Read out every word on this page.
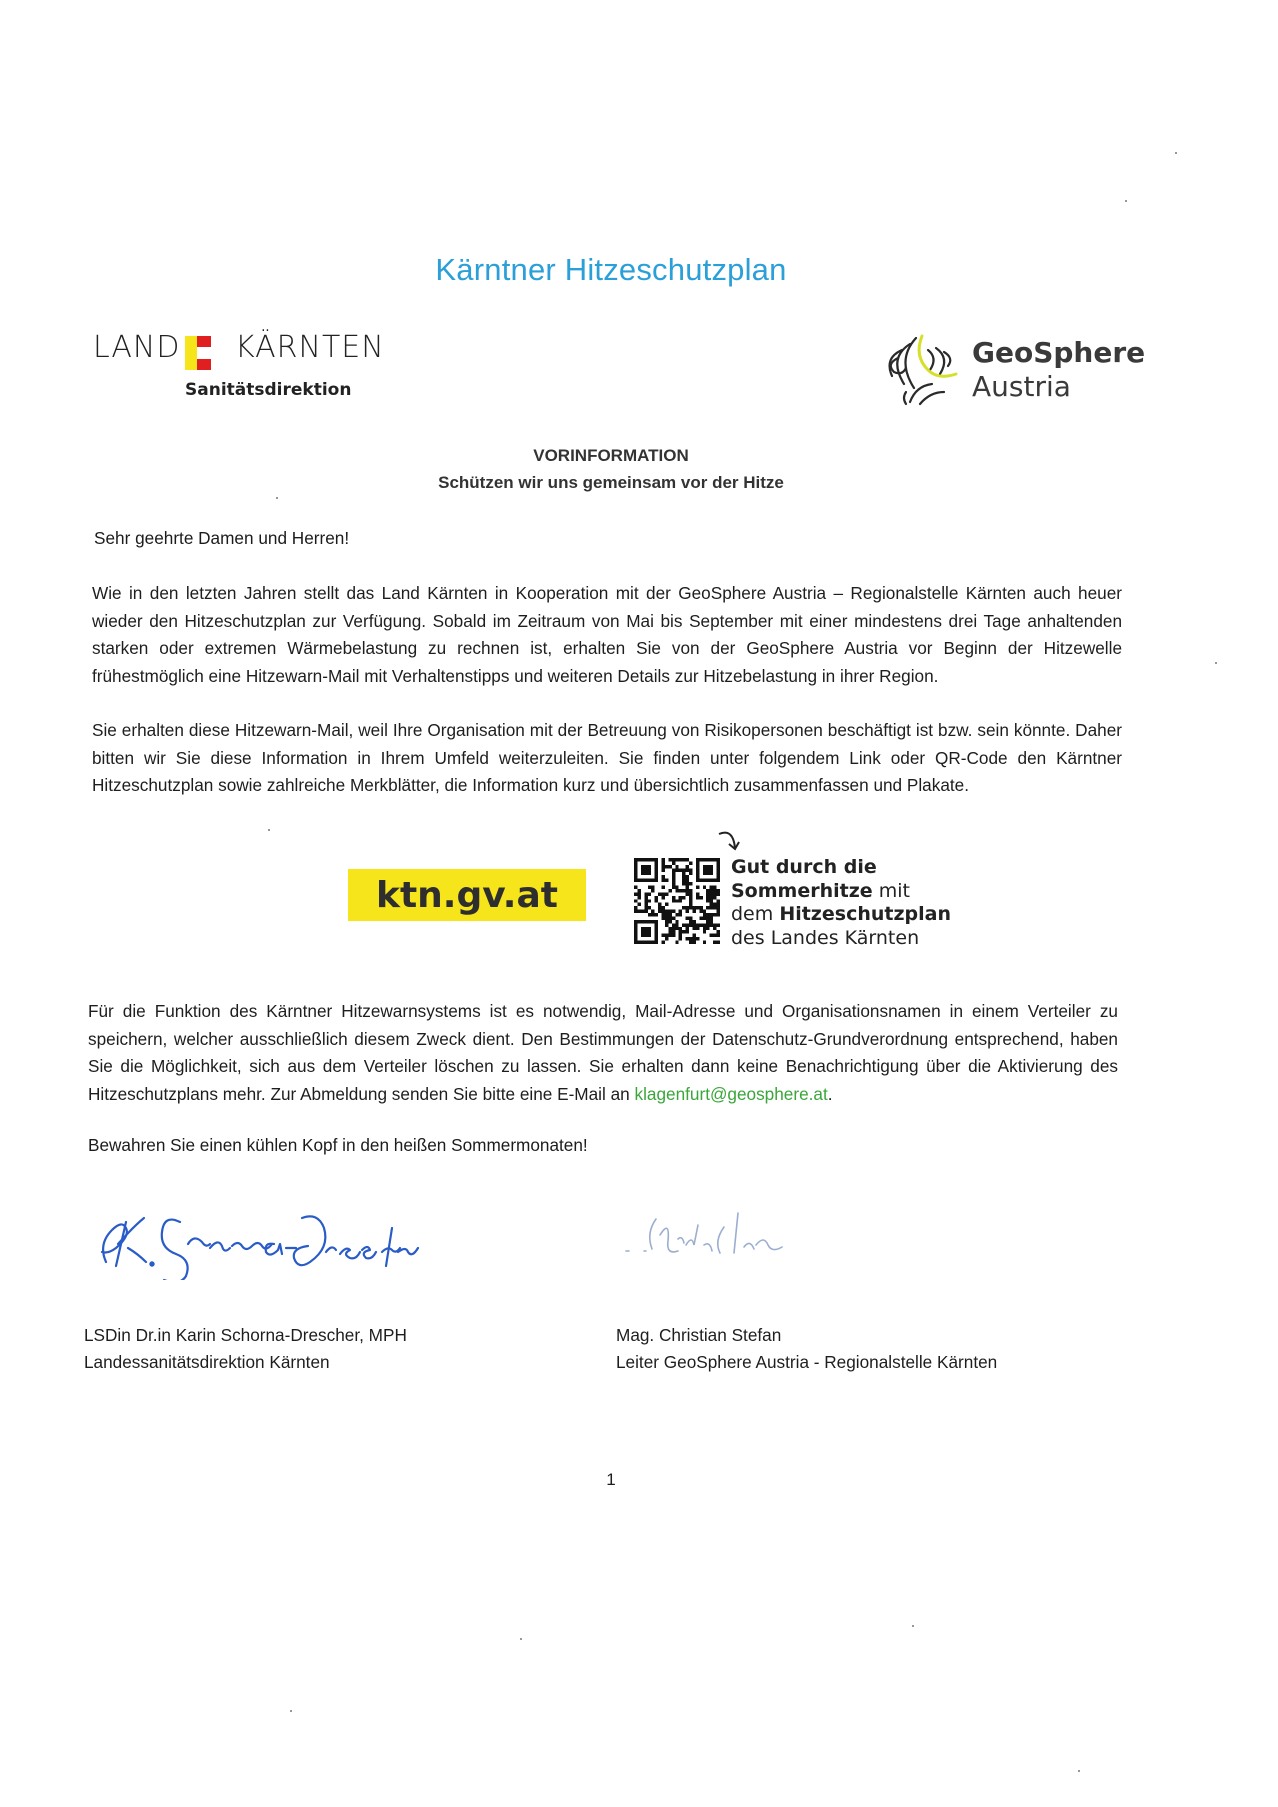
Kärntner Hitzeschutzplan
LAND KÄRNTEN
Sanitätsdirektion
GeoSphere
Austria
VORINFORMATION
Schützen wir uns gemeinsam vor der Hitze
Sehr geehrte Damen und Herren!
Wie in den letzten Jahren stellt das Land Kärnten in Kooperation mit der GeoSphere Austria – Regionalstelle Kärnten auch heuer wieder den Hitzeschutzplan zur Verfügung. Sobald im Zeitraum von Mai bis September mit einer mindestens drei Tage anhaltenden starken oder extremen Wärmebelastung zu rechnen ist, erhalten Sie von der GeoSphere Austria vor Beginn der Hitzewelle frühestmöglich eine Hitzewarn-Mail mit Verhaltenstipps und weiteren Details zur Hitzebelastung in ihrer Region.
Sie erhalten diese Hitzewarn-Mail, weil Ihre Organisation mit der Betreuung von Risikopersonen beschäftigt ist bzw. sein könnte. Daher bitten wir Sie diese Information in Ihrem Umfeld weiterzuleiten. Sie finden unter folgendem Link oder QR-Code den Kärntner Hitzeschutzplan sowie zahlreiche Merkblätter, die Information kurz und übersichtlich zusammenfassen und Plakate.
ktn.gv.at
Gut durch die
Sommerhitze mit
dem Hitzeschutzplan
des Landes Kärnten
Für die Funktion des Kärntner Hitzewarnsystems ist es notwendig, Mail-Adresse und Organisationsnamen in einem Verteiler zu speichern, welcher ausschließlich diesem Zweck dient. Den Bestimmungen der Datenschutz-Grundverordnung entsprechend, haben Sie die Möglichkeit, sich aus dem Verteiler löschen zu lassen. Sie erhalten dann keine Benachrichtigung über die Aktivierung des Hitzeschutzplans mehr. Zur Abmeldung senden Sie bitte eine E-Mail an klagenfurt@geosphere.at.
Bewahren Sie einen kühlen Kopf in den heißen Sommermonaten!
LSDin Dr.in Karin Schorna-Drescher, MPH
Landessanitätsdirektion Kärnten
Mag. Christian Stefan
Leiter GeoSphere Austria - Regionalstelle Kärnten
1
